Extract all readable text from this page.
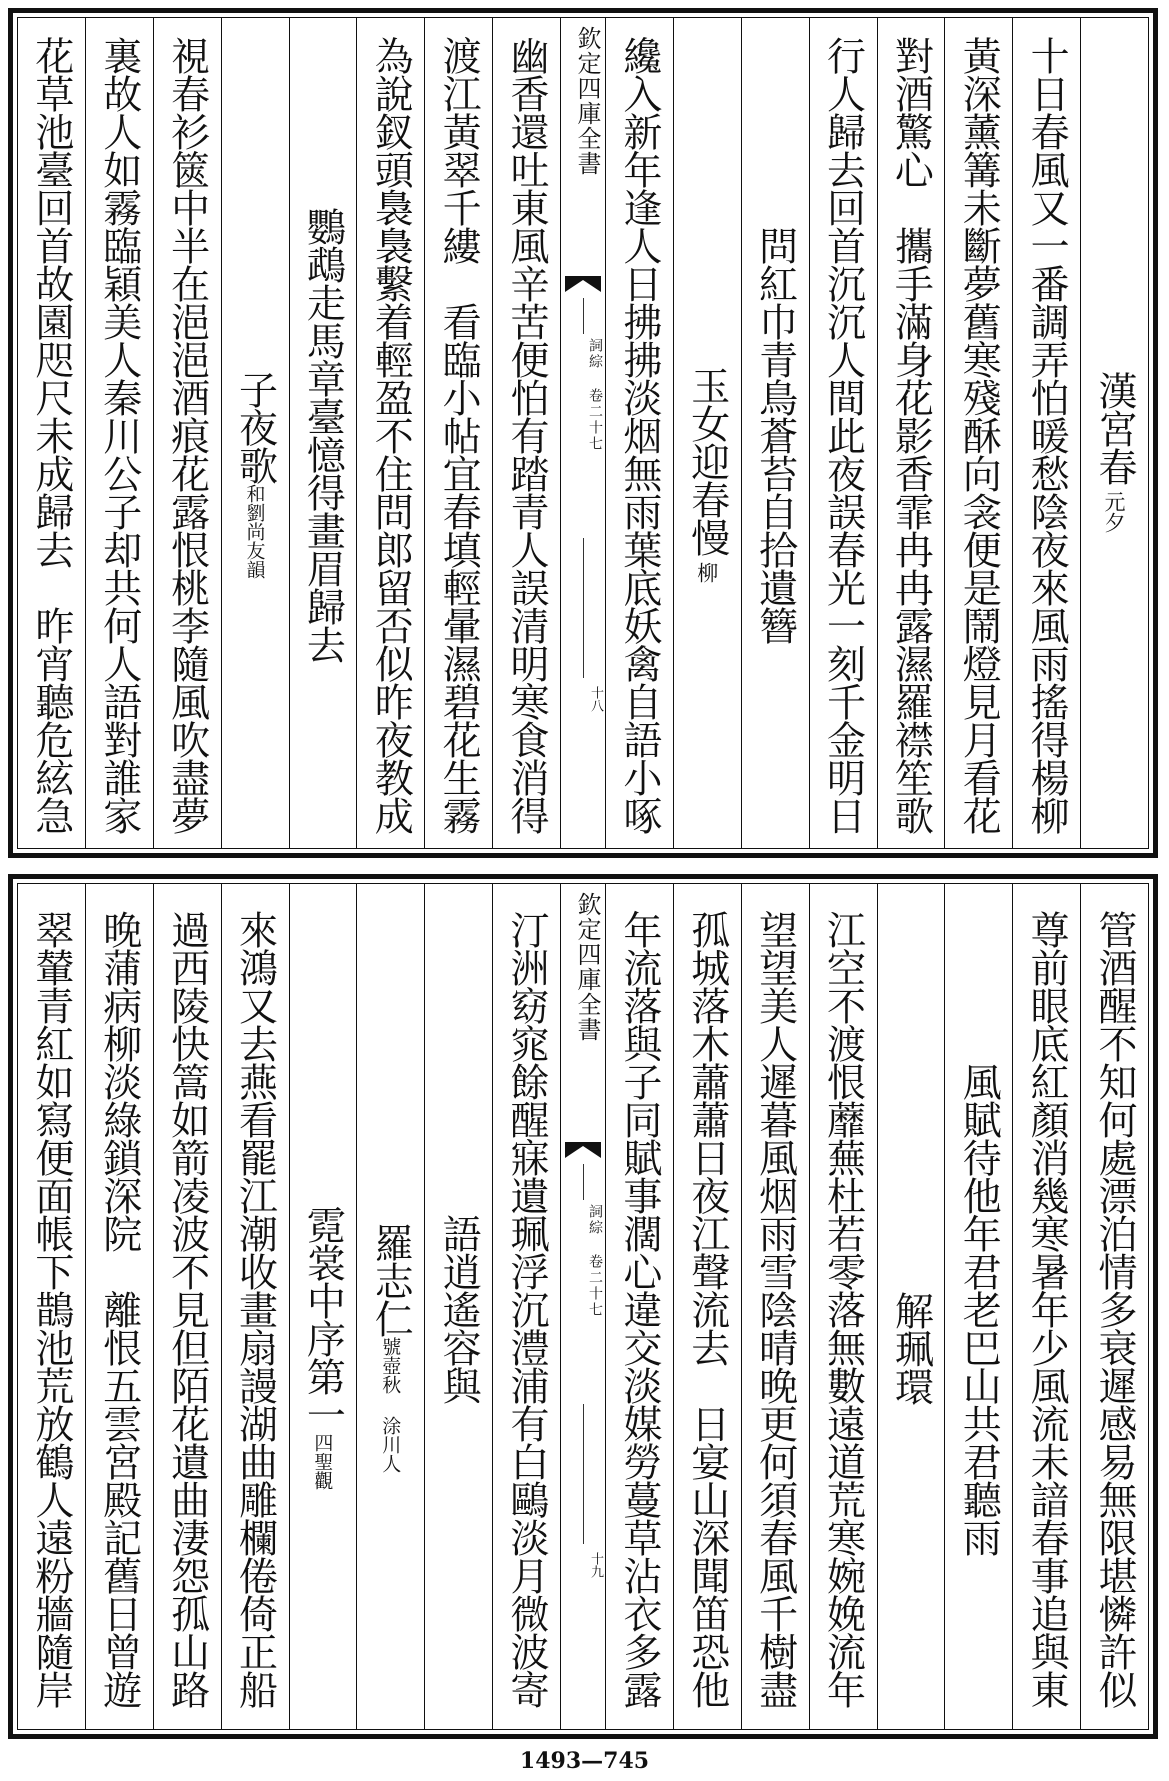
漢宮春
元夕
十日春風又一番調弄怕暖愁陰夜來風雨搖得楊柳
黃深薰篝未斷夢舊寒殘酥向衾便是鬧燈見月看花
對酒驚心　攜手滿身花影香霏冉冉露濕羅襟笙歌
行人歸去回首沉沉人間此夜誤春光一刻千金明日
問紅巾青鳥蒼苔自拾遺簪
玉女迎春慢
柳
纔入新年逢人日拂拂淡烟無雨葉底妖禽自語小啄
欽定四庫全書
詞綜 卷二十七
十八
幽香還吐東風辛苦便怕有踏青人誤清明寒食消得
渡江黃翠千縷　看臨小帖宜春填輕暈濕碧花生霧
為說釵頭裊裊繫着輕盈不住問郎留否似昨夜教成
鸚鵡走馬章臺憶得畫眉歸去
子夜歌
和劉尚友韻
視春衫篋中半在浥浥酒痕花露恨桃李隨風吹盡夢
裏故人如霧臨穎美人秦川公子却共何人語對誰家
花草池臺回首故園咫尺未成歸去　昨宵聽危絃急
管酒醒不知何處漂泊情多衰遲感易無限堪憐許似
尊前眼底紅顏消幾寒暑年少風流未諳春事追與東
風賦待他年君老巴山共君聽雨
解珮環
江空不渡恨蘼蕪杜若零落無數遠道荒寒婉娩流年
望望美人遲暮風烟雨雪陰晴晚更何須春風千樹盡
孤城落木蕭蕭日夜江聲流去　日宴山深聞笛恐他
年流落與子同賦事濶心違交淡媒勞蔓草沾衣多露
欽定四庫全書
詞綜 卷二十七
十九
汀洲窈窕餘醒寐遺珮浮沉澧浦有白鷗淡月微波寄
語逍遙容與
羅志仁
號壺秋 涂川人
霓裳中序第一
四聖觀
來鴻又去燕看罷江潮收畫扇謾湖曲雕欄倦倚正船
過西陵快篙如箭凌波不見但陌花遺曲淒怨孤山路
晚蒲病柳淡綠鎖深院　離恨五雲宮殿記舊日曾遊
翠輦青紅如寫便面帳下鵲池荒放鶴人遠粉牆隨岸
1493—745
